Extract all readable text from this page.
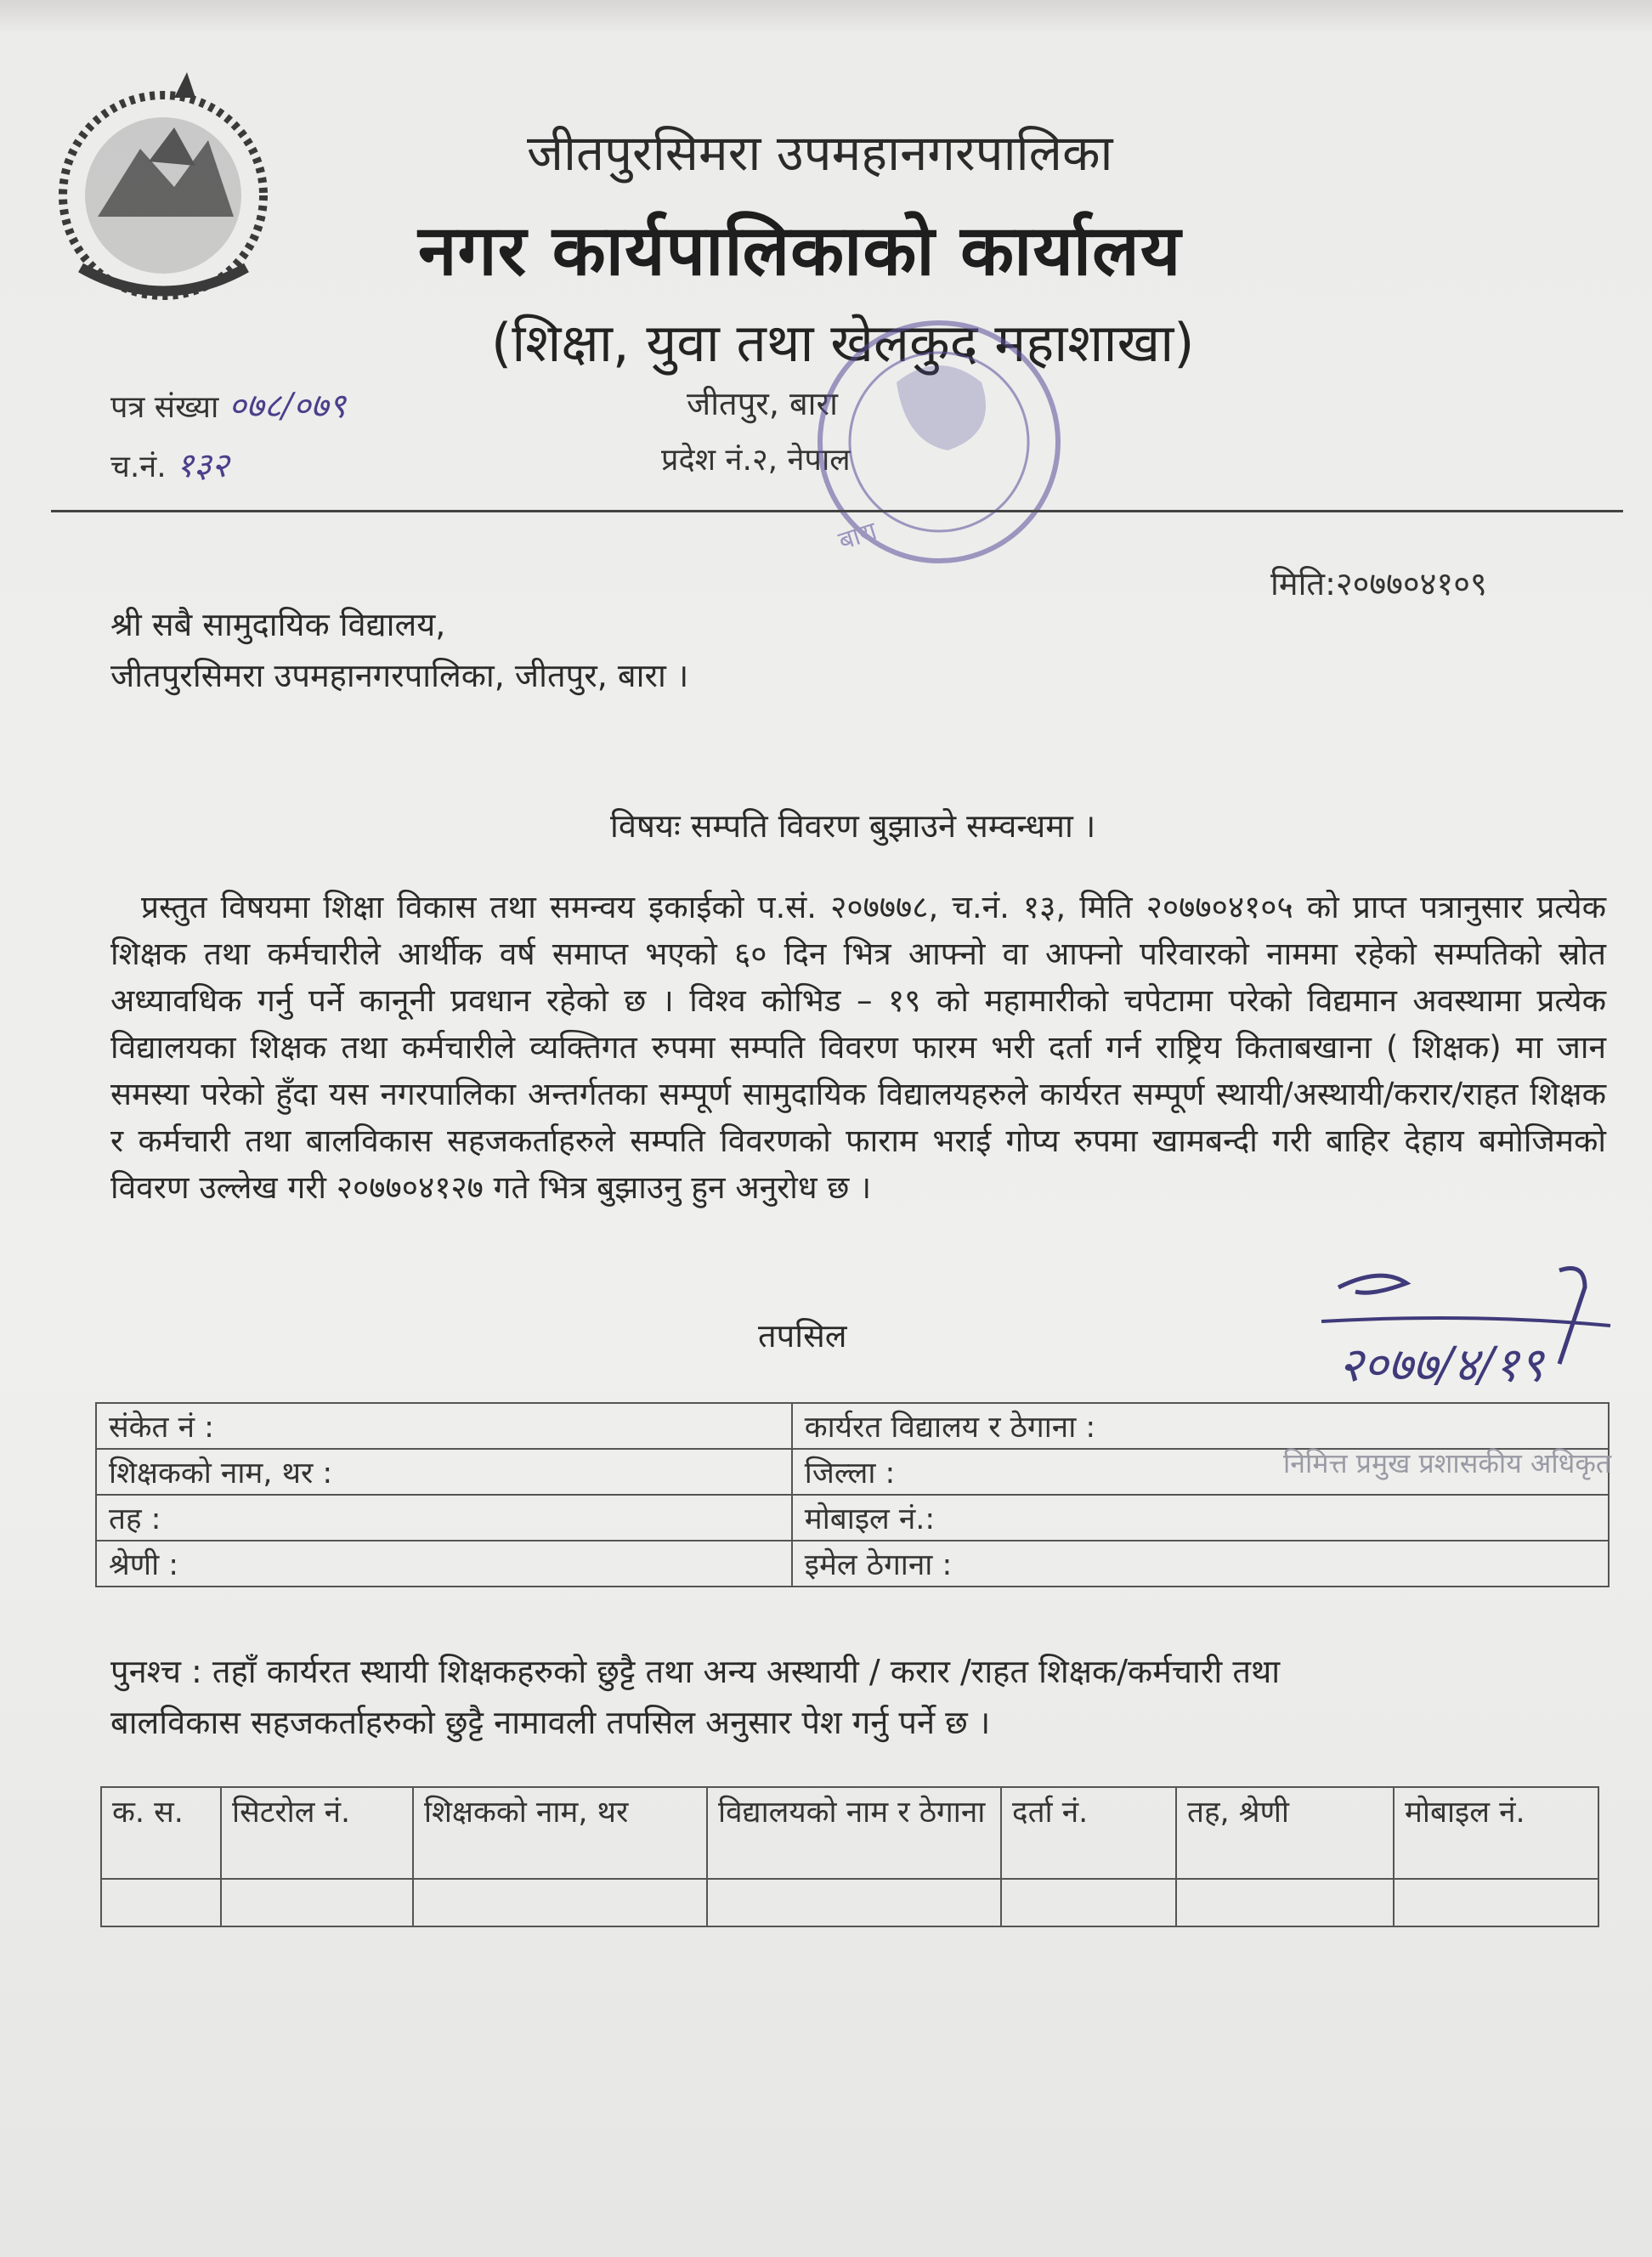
जीतपुरसिमरा उपमहानगरपालिका
नगर कार्यपालिकाको कार्यालय
(शिक्षा, युवा तथा खेलकुद महाशाखा)
पत्र संख्या ०७८/०७९
च.नं. १३२
जीतपुर, बारा
प्रदेश नं.२, नेपाल
बारा
मिति:२०७७०४१०९
श्री सबै सामुदायिक विद्यालय,
जीतपुरसिमरा उपमहानगरपालिका, जीतपुर, बारा ।
विषयः सम्पति विवरण बुझाउने सम्वन्धमा ।
प्रस्तुत विषयमा शिक्षा विकास तथा समन्वय इकाईको प.सं. २०७७७८, च.नं. १३, मिति २०७७०४१०५ को प्राप्त पत्रानुसार प्रत्येक शिक्षक तथा कर्मचारीले आर्थीक वर्ष समाप्त भएको ६० दिन भित्र आफ्नो वा आफ्नो परिवारको नाममा रहेको सम्पतिको स्रोत अध्यावधिक गर्नु पर्ने कानूनी प्रवधान रहेको छ । विश्व कोभिड – १९ को महामारीको चपेटामा परेको विद्यमान अवस्थामा प्रत्येक विद्यालयका शिक्षक तथा कर्मचारीले व्यक्तिगत रुपमा सम्पति विवरण फारम भरी दर्ता गर्न राष्ट्रिय किताबखाना ( शिक्षक) मा जान समस्या परेको हुँदा यस नगरपालिका अन्तर्गतका सम्पूर्ण सामुदायिक विद्यालयहरुले कार्यरत सम्पूर्ण स्थायी/अस्थायी/करार/राहत शिक्षक र कर्मचारी तथा बालविकास सहजकर्ताहरुले सम्पति विवरणको फाराम भराई गोप्य रुपमा खामबन्दी गरी बाहिर देहाय बमोजिमको विवरण उल्लेख गरी २०७७०४१२७ गते भित्र बुझाउनु हुन अनुरोध छ ।
तपसिल
२०७७/४/१९
संकेत नं :	कार्यरत विद्यालय र ठेगाना :
शिक्षकको नाम, थर :	जिल्ला :
तह :	मोबाइल नं.:
श्रेणी :	इमेल ठेगाना :
निमित्त प्रमुख प्रशासकीय अधिकृत
पुनश्च : तहाँ कार्यरत स्थायी शिक्षकहरुको छुट्टै तथा अन्य अस्थायी / करार /राहत शिक्षक/कर्मचारी तथा
बालविकास सहजकर्ताहरुको छुट्टै नामावली तपसिल अनुसार पेश गर्नु पर्ने छ ।
क. स.	सिटरोल नं.	शिक्षकको नाम, थर	विद्यालयको नाम र ठेगाना	दर्ता नं.	तह, श्रेणी	मोबाइल नं.
